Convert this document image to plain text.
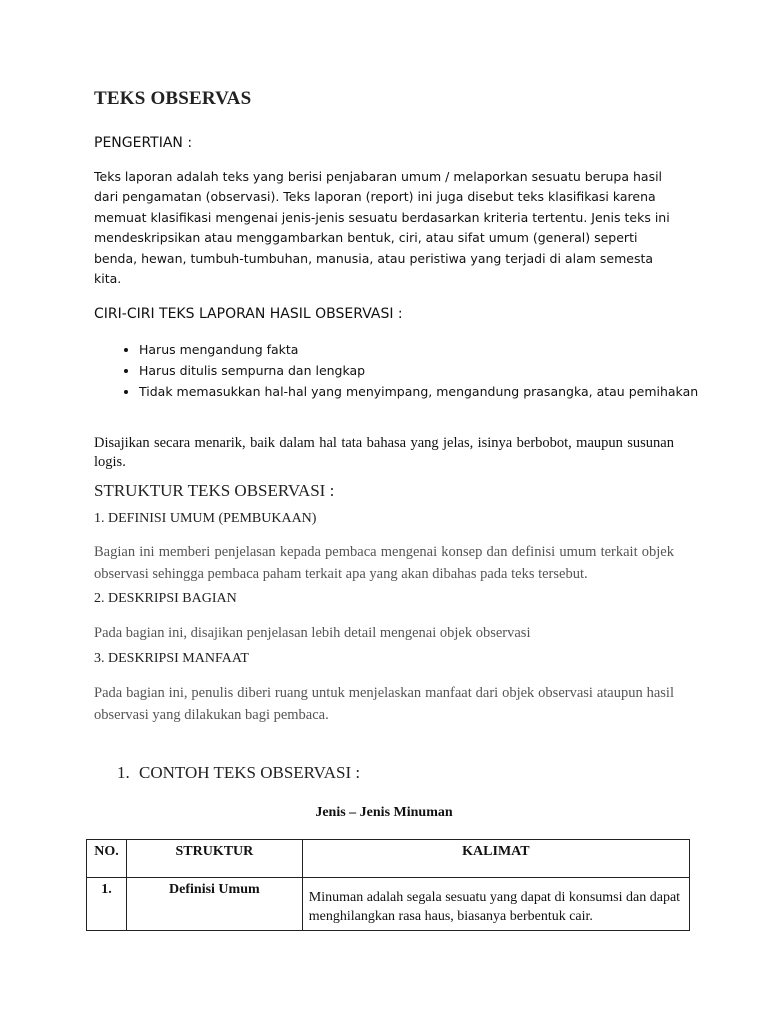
TEKS OBSERVAS
PENGERTIAN :
Teks laporan adalah teks yang berisi penjabaran umum / melaporkan sesuatu berupa hasil dari pengamatan (observasi). Teks laporan (report) ini juga disebut teks klasifikasi karena memuat klasifikasi mengenai jenis-jenis sesuatu berdasarkan kriteria tertentu. Jenis teks ini mendeskripsikan atau menggambarkan bentuk, ciri, atau sifat umum (general) seperti benda, hewan, tumbuh-tumbuhan, manusia, atau peristiwa yang terjadi di alam semesta kita.
CIRI-CIRI TEKS LAPORAN HASIL OBSERVASI :
• Harus mengandung fakta
• Harus ditulis sempurna dan lengkap
• Tidak memasukkan hal-hal yang menyimpang, mengandung prasangka, atau pemihakan
Disajikan secara menarik, baik dalam hal tata bahasa yang jelas, isinya berbobot, maupun susunan logis.
STRUKTUR TEKS OBSERVASI :
1. DEFINISI UMUM (PEMBUKAAN)
Bagian ini memberi penjelasan kepada pembaca mengenai konsep dan definisi umum terkait objek observasi sehingga pembaca paham terkait apa yang akan dibahas pada teks tersebut.
2. DESKRIPSI BAGIAN
Pada bagian ini, disajikan penjelasan lebih detail mengenai objek observasi
3. DESKRIPSI MANFAAT
Pada bagian ini, penulis diberi ruang untuk menjelaskan manfaat dari objek observasi ataupun hasil observasi yang dilakukan bagi pembaca.
1. CONTOH TEKS OBSERVASI :
Jenis – Jenis Minuman
NO.	STRUKTUR	KALIMAT
1.	Definisi Umum	Minuman adalah segala sesuatu yang dapat di konsumsi dan dapat menghilangkan rasa haus, biasanya berbentuk cair.
